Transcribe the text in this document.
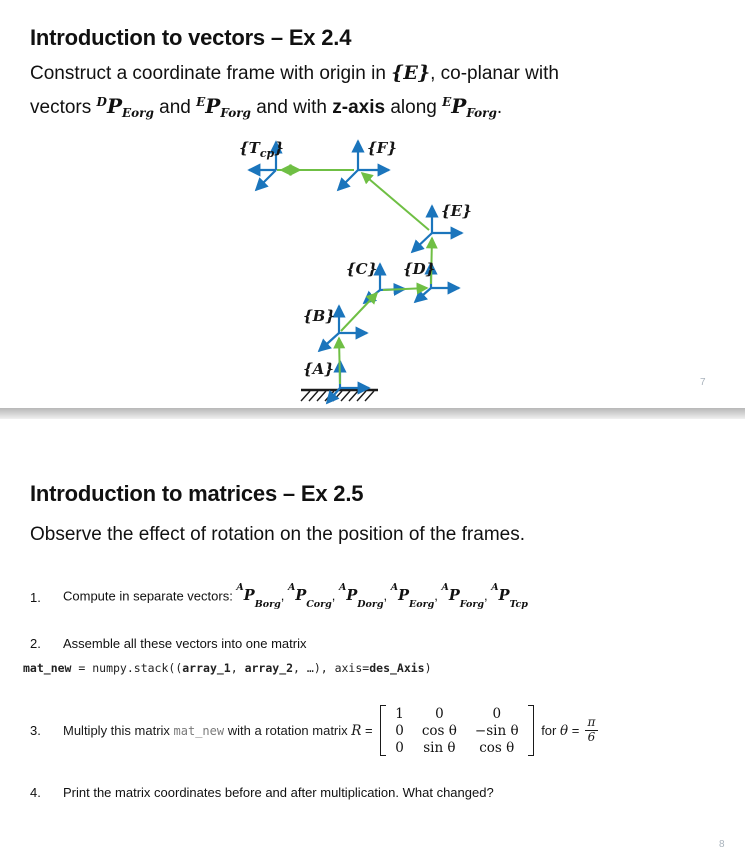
Introduction to vectors – Ex 2.4
Construct a coordinate frame with origin in {E}, co-planar with
vectors $^DP_{Eorg}$ and $^EP_{Forg}$ and with z-axis along $^EP_{Forg}$.
$\{T_{cp}\}$	{F}
{E}
{C} {D}
{B}
{A}
7
Introduction to matrices – Ex 2.5
Observe the effect of rotation on the position of the frames.
1. Compute in separate vectors: $^AP_{Borg}$, $^AP_{Corg}$, $^AP_{Dorg}$, $^AP_{Eorg}$, $^AP_{Forg}$, $^AP_{Tcp}$
2. Assemble all these vectors into one matrix
mat_new = numpy.stack((array_1, array_2, …), axis=des_Axis)
3. Multiply this matrix mat_new with a rotation matrix R =
1	0	0
0	cos θ	−sin θ
0	sin θ	cos θ
for $\theta = \frac{\pi}{6}$
4. Print the matrix coordinates before and after multiplication. What changed?
8
